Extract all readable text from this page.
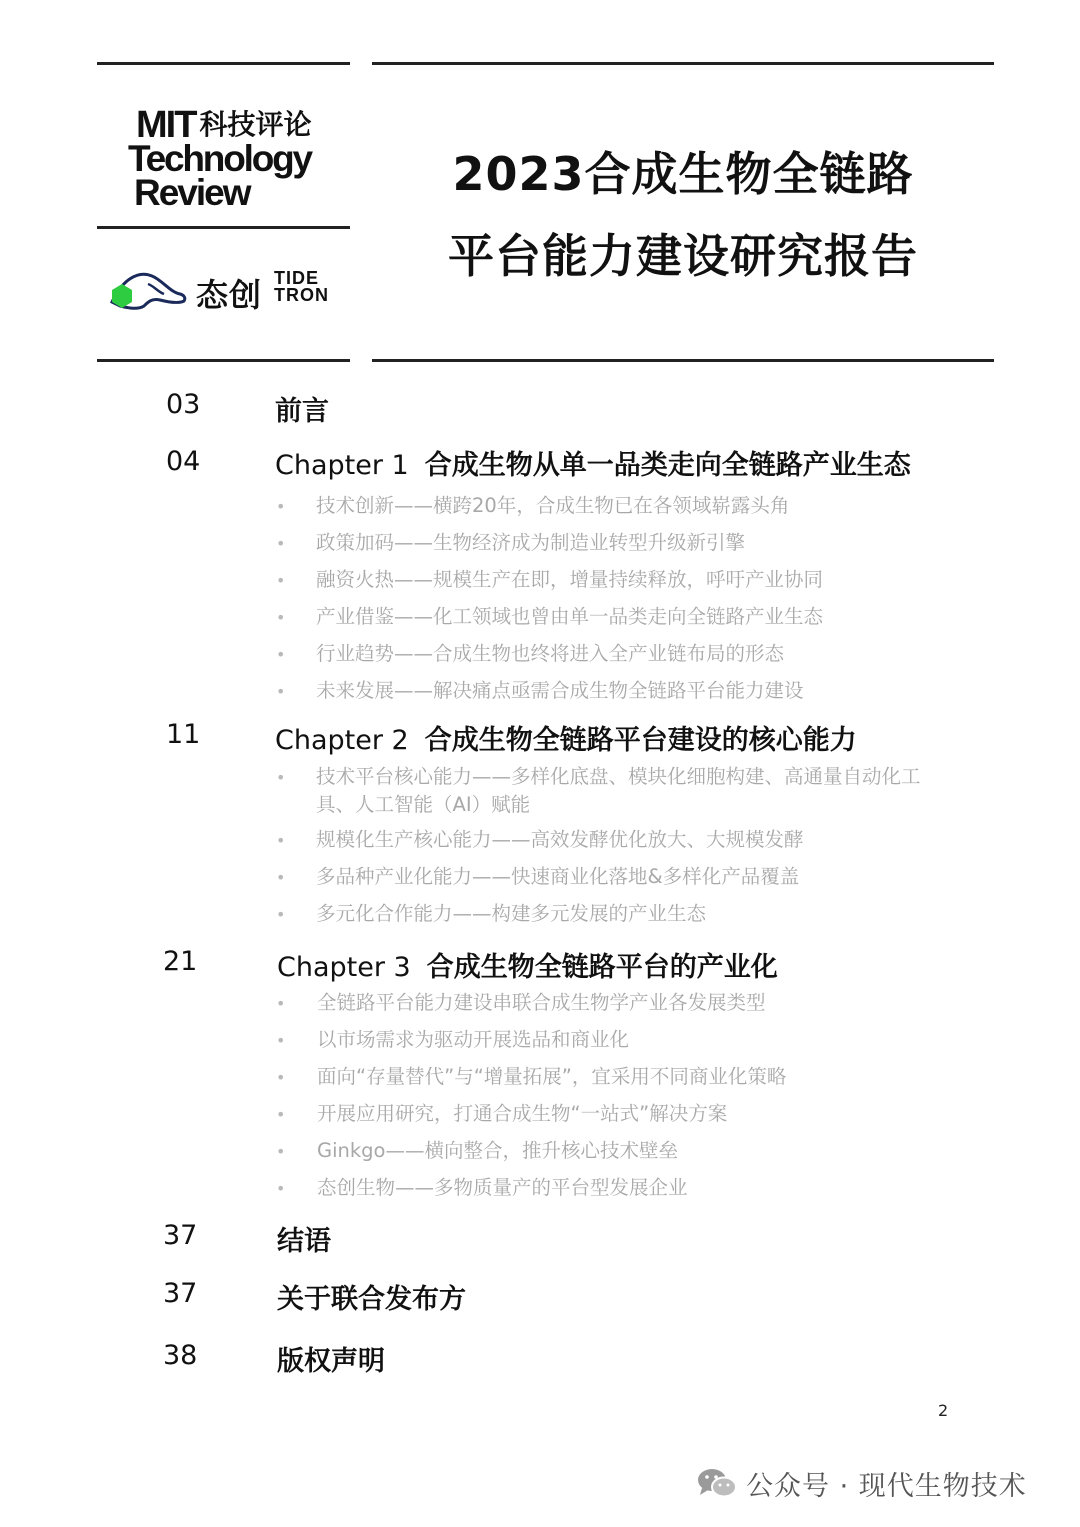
MIT 科技评论
Technology
Review
态创 TIDE
TRON
2023合成生物全链路
平台能力建设研究报告
03	前言
04	Chapter 1 合成生物从单一品类走向全链路产业生态
• 技术创新——横跨20年，合成生物已在各领域崭露头角
• 政策加码——生物经济成为制造业转型升级新引擎
• 融资火热——规模生产在即，增量持续释放，呼吁产业协同
• 产业借鉴——化工领域也曾由单一品类走向全链路产业生态
• 行业趋势——合成生物也终将进入全产业链布局的形态
• 未来发展——解决痛点亟需合成生物全链路平台能力建设
11	Chapter 2 合成生物全链路平台建设的核心能力
• 技术平台核心能力——多样化底盘、模块化细胞构建、高通量自动化工具、人工智能（AI）赋能
• 规模化生产核心能力——高效发酵优化放大、大规模发酵
• 多品种产业化能力——快速商业化落地&多样化产品覆盖
• 多元化合作能力——构建多元发展的产业生态
21	Chapter 3 合成生物全链路平台的产业化
• 全链路平台能力建设串联合成生物学产业各发展类型
• 以市场需求为驱动开展选品和商业化
• 面向“存量替代”与“增量拓展”，宜采用不同商业化策略
• 开展应用研究，打通合成生物“一站式”解决方案
• Ginkgo——横向整合，推升核心技术壁垒
• 态创生物——多物质量产的平台型发展企业
37	结语
37	关于联合发布方
38	版权声明
2
公众号 · 现代生物技术
